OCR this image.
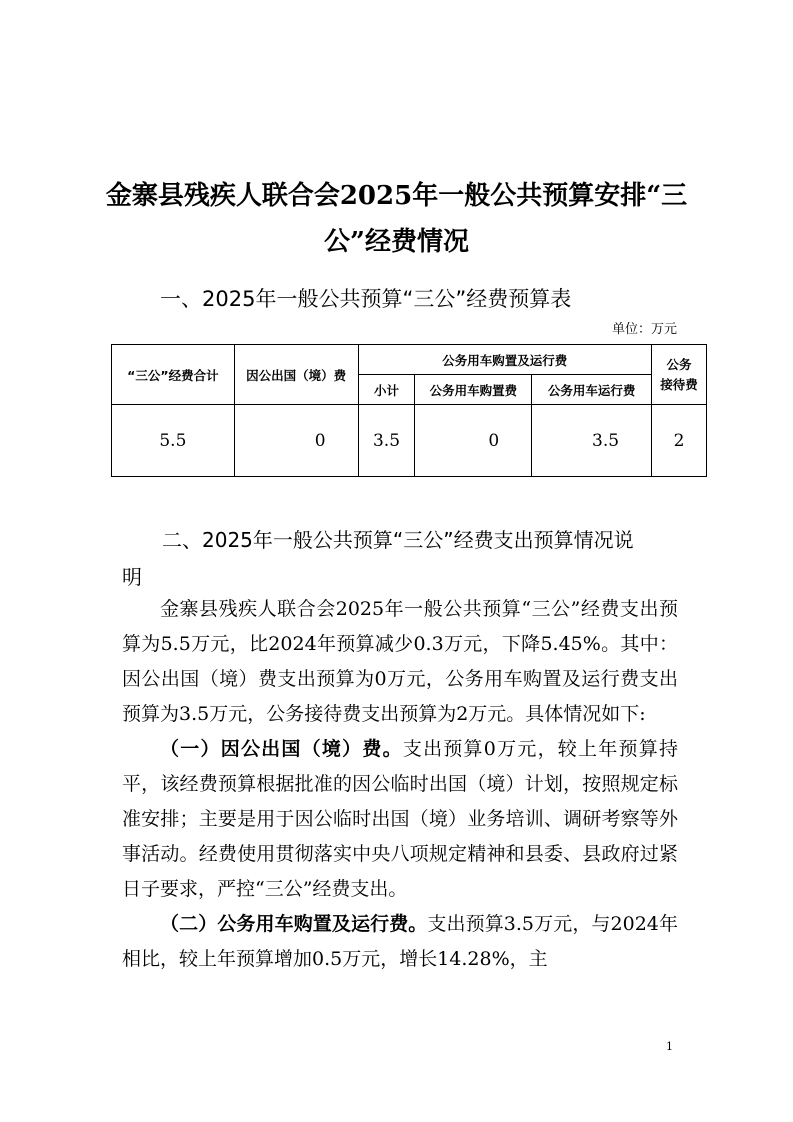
金寨县残疾人联合会2025年一般公共预算安排“三
公”经费情况
一、2025年一般公共预算“三公”经费预算表
单位：万元
“三公”经费合计	因公出国（境）费	公务用车购置及运行费			公务
接待费
		小计	公务用车购置费	公务用车运行费	
5.5	0	3.5	0	3.5	2
二、2025年一般公共预算“三公”经费支出预算情况说
明

金寨县残疾人联合会2025年一般公共预算“三公”经费支出预算为5.5万元，比2024年预算减少0.3万元，下降5.45%。其中：因公出国（境）费支出预算为0万元，公务用车购置及运行费支出预算为3.5万元，公务接待费支出预算为2万元。具体情况如下:

（一）因公出国（境）费。支出预算0万元，较上年预算持平，该经费预算根据批准的因公临时出国（境）计划，按照规定标准安排；主要是用于因公临时出国（境）业务培训、调研考察等外事活动。经费使用贯彻落实中央八项规定精神和县委、县政府过紧日子要求，严控“三公”经费支出。

（二）公务用车购置及运行费。支出预算3.5万元，与2024年相比，较上年预算增加0.5万元，增长14.28%，主

1
